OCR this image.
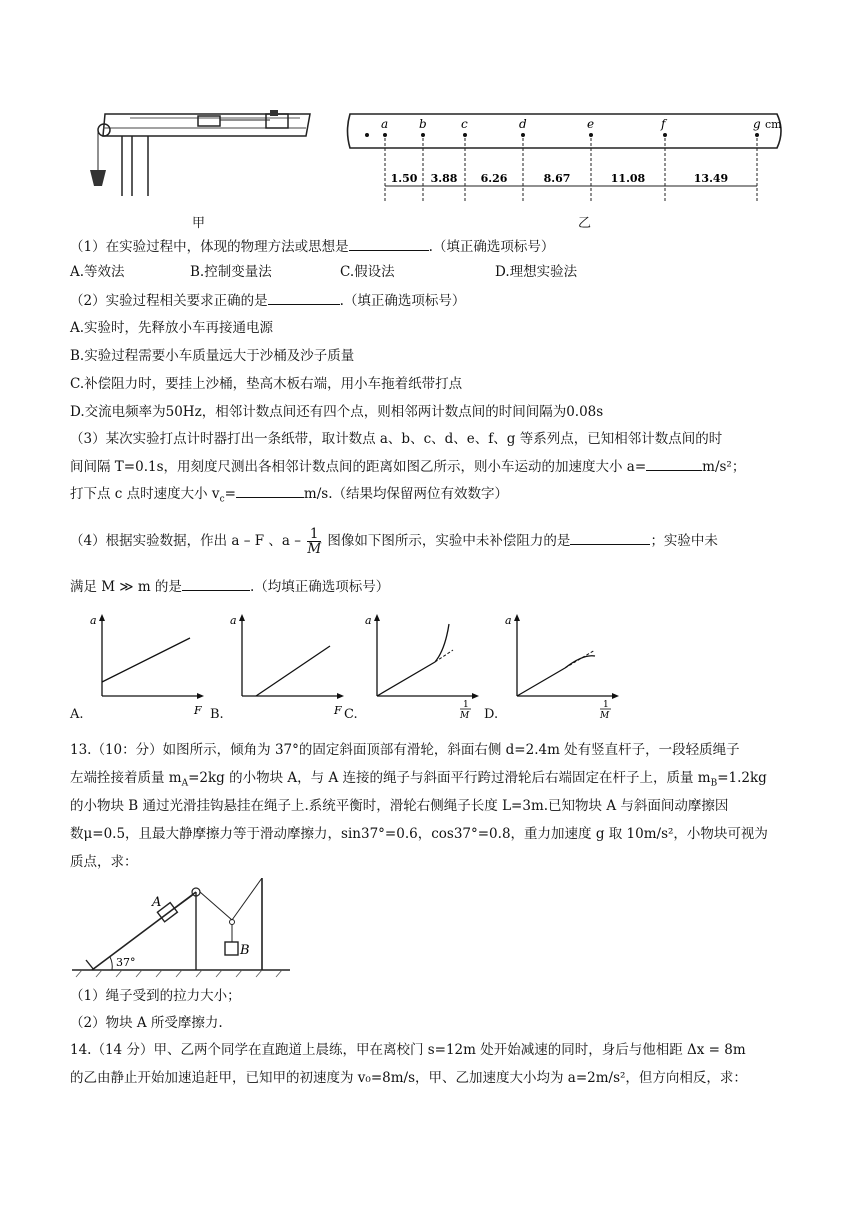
甲
a	b	c	d	e	f	g cm
1.50 3.88 6.26	8.67	11.08	13.49
乙
（1）在实验过程中，体现的物理方法或思想是	.（填正确选项标号）
A.等效法	B.控制变量法	C.假设法	D.理想实验法
（2）实验过程相关要求正确的是	.（填正确选项标号）
A.实验时，先释放小车再接通电源
B.实验过程需要小车质量远大于沙桶及沙子质量
C.补偿阻力时，要挂上沙桶，垫高木板右端，用小车拖着纸带打点
D.交流电频率为50Hz，相邻计数点间还有四个点，则相邻两计数点间的时间间隔为0.08s
（3）某次实验打点计时器打出一条纸带，取计数点 a、b、c、d、e、f、g 等系列点，已知相邻计数点间的时
间间隔 T=0.1s，用刻度尺测出各相邻计数点间的距离如图乙所示，则小车运动的加速度大小 a=	m/s²；
打下点 c 点时速度大小 $v_c=$	m/s.（结果均保留两位有效数字）
（4）根据实验数据，作出 a – F 、a – $\frac{1}{M}$ 图像如下图所示，实验中未补偿阻力的是	；实验中未
满足 M ≫ m 的是	.（均填正确选项标号）
a
F
A.
a
F
B.
a
1
M
C.
a
1
M
D.
13.（10：分）如图所示，倾角为 37°的固定斜面顶部有滑轮，斜面右侧 d=2.4m 处有竖直杆子，一段轻质绳子
左端拴接着质量 $m_A=2kg$ 的小物块 A，与 A 连接的绳子与斜面平行跨过滑轮后右端固定在杆子上，质量 $m_B=1.2kg$
的小物块 B 通过光滑挂钩悬挂在绳子上.系统平衡时，滑轮右侧绳子长度 L=3m.已知物块 A 与斜面间动摩擦因
数μ=0.5，且最大静摩擦力等于滑动摩擦力，sin37°=0.6，cos37°=0.8，重力加速度 g 取 10m/s²，小物块可视为
质点，求：
A
B
37°
（1）绳子受到的拉力大小；
（2）物块 A 所受摩擦力.
14.（14 分）甲、乙两个同学在直跑道上晨练，甲在离校门 s=12m 处开始减速的同时，身后与他相距 Δx = 8m
的乙由静止开始加速追赶甲，已知甲的初速度为 v₀=8m/s，甲、乙加速度大小均为 a=2m/s²，但方向相反，求：
